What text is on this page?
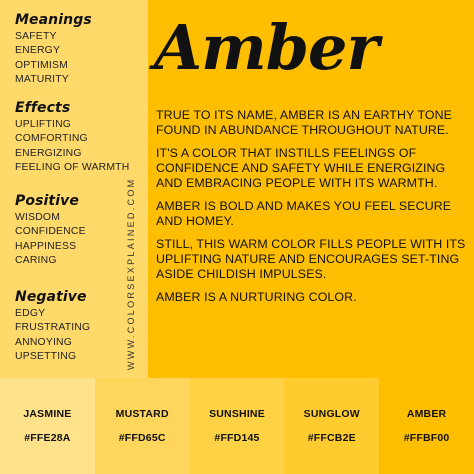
Meanings
SAFETY
ENERGY
OPTIMISM
MATURITY
Effects
UPLIFTING
COMFORTING
ENERGIZING
FEELING OF WARMTH
Positive
WISDOM
CONFIDENCE
HAPPINESS
CARING
Negative
EDGY
FRUSTRATING
ANNOYING
UPSETTING	WWW.COLORSEXPLAINED.COM
Amber

TRUE TO ITS NAME, AMBER IS AN EARTHY TONE FOUND IN ABUNDANCE THROUGHOUT NATURE.

IT'S A COLOR THAT INSTILLS FEELINGS OF CONFIDENCE AND SAFETY WHILE ENERGIZING AND EMBRACING PEOPLE WITH ITS WARMTH.

AMBER IS BOLD AND MAKES YOU FEEL SECURE AND HOMEY.

STILL, THIS WARM COLOR FILLS PEOPLE WITH ITS UPLIFTING NATURE AND ENCOURAGES SET-TING ASIDE CHILDISH IMPULSES.

AMBER IS A NURTURING COLOR.

JASMINE
#FFE28A
MUSTARD
#FFD65C
SUNSHINE
#FFD145
SUNGLOW
#FFCB2E
AMBER
#FFBF00
